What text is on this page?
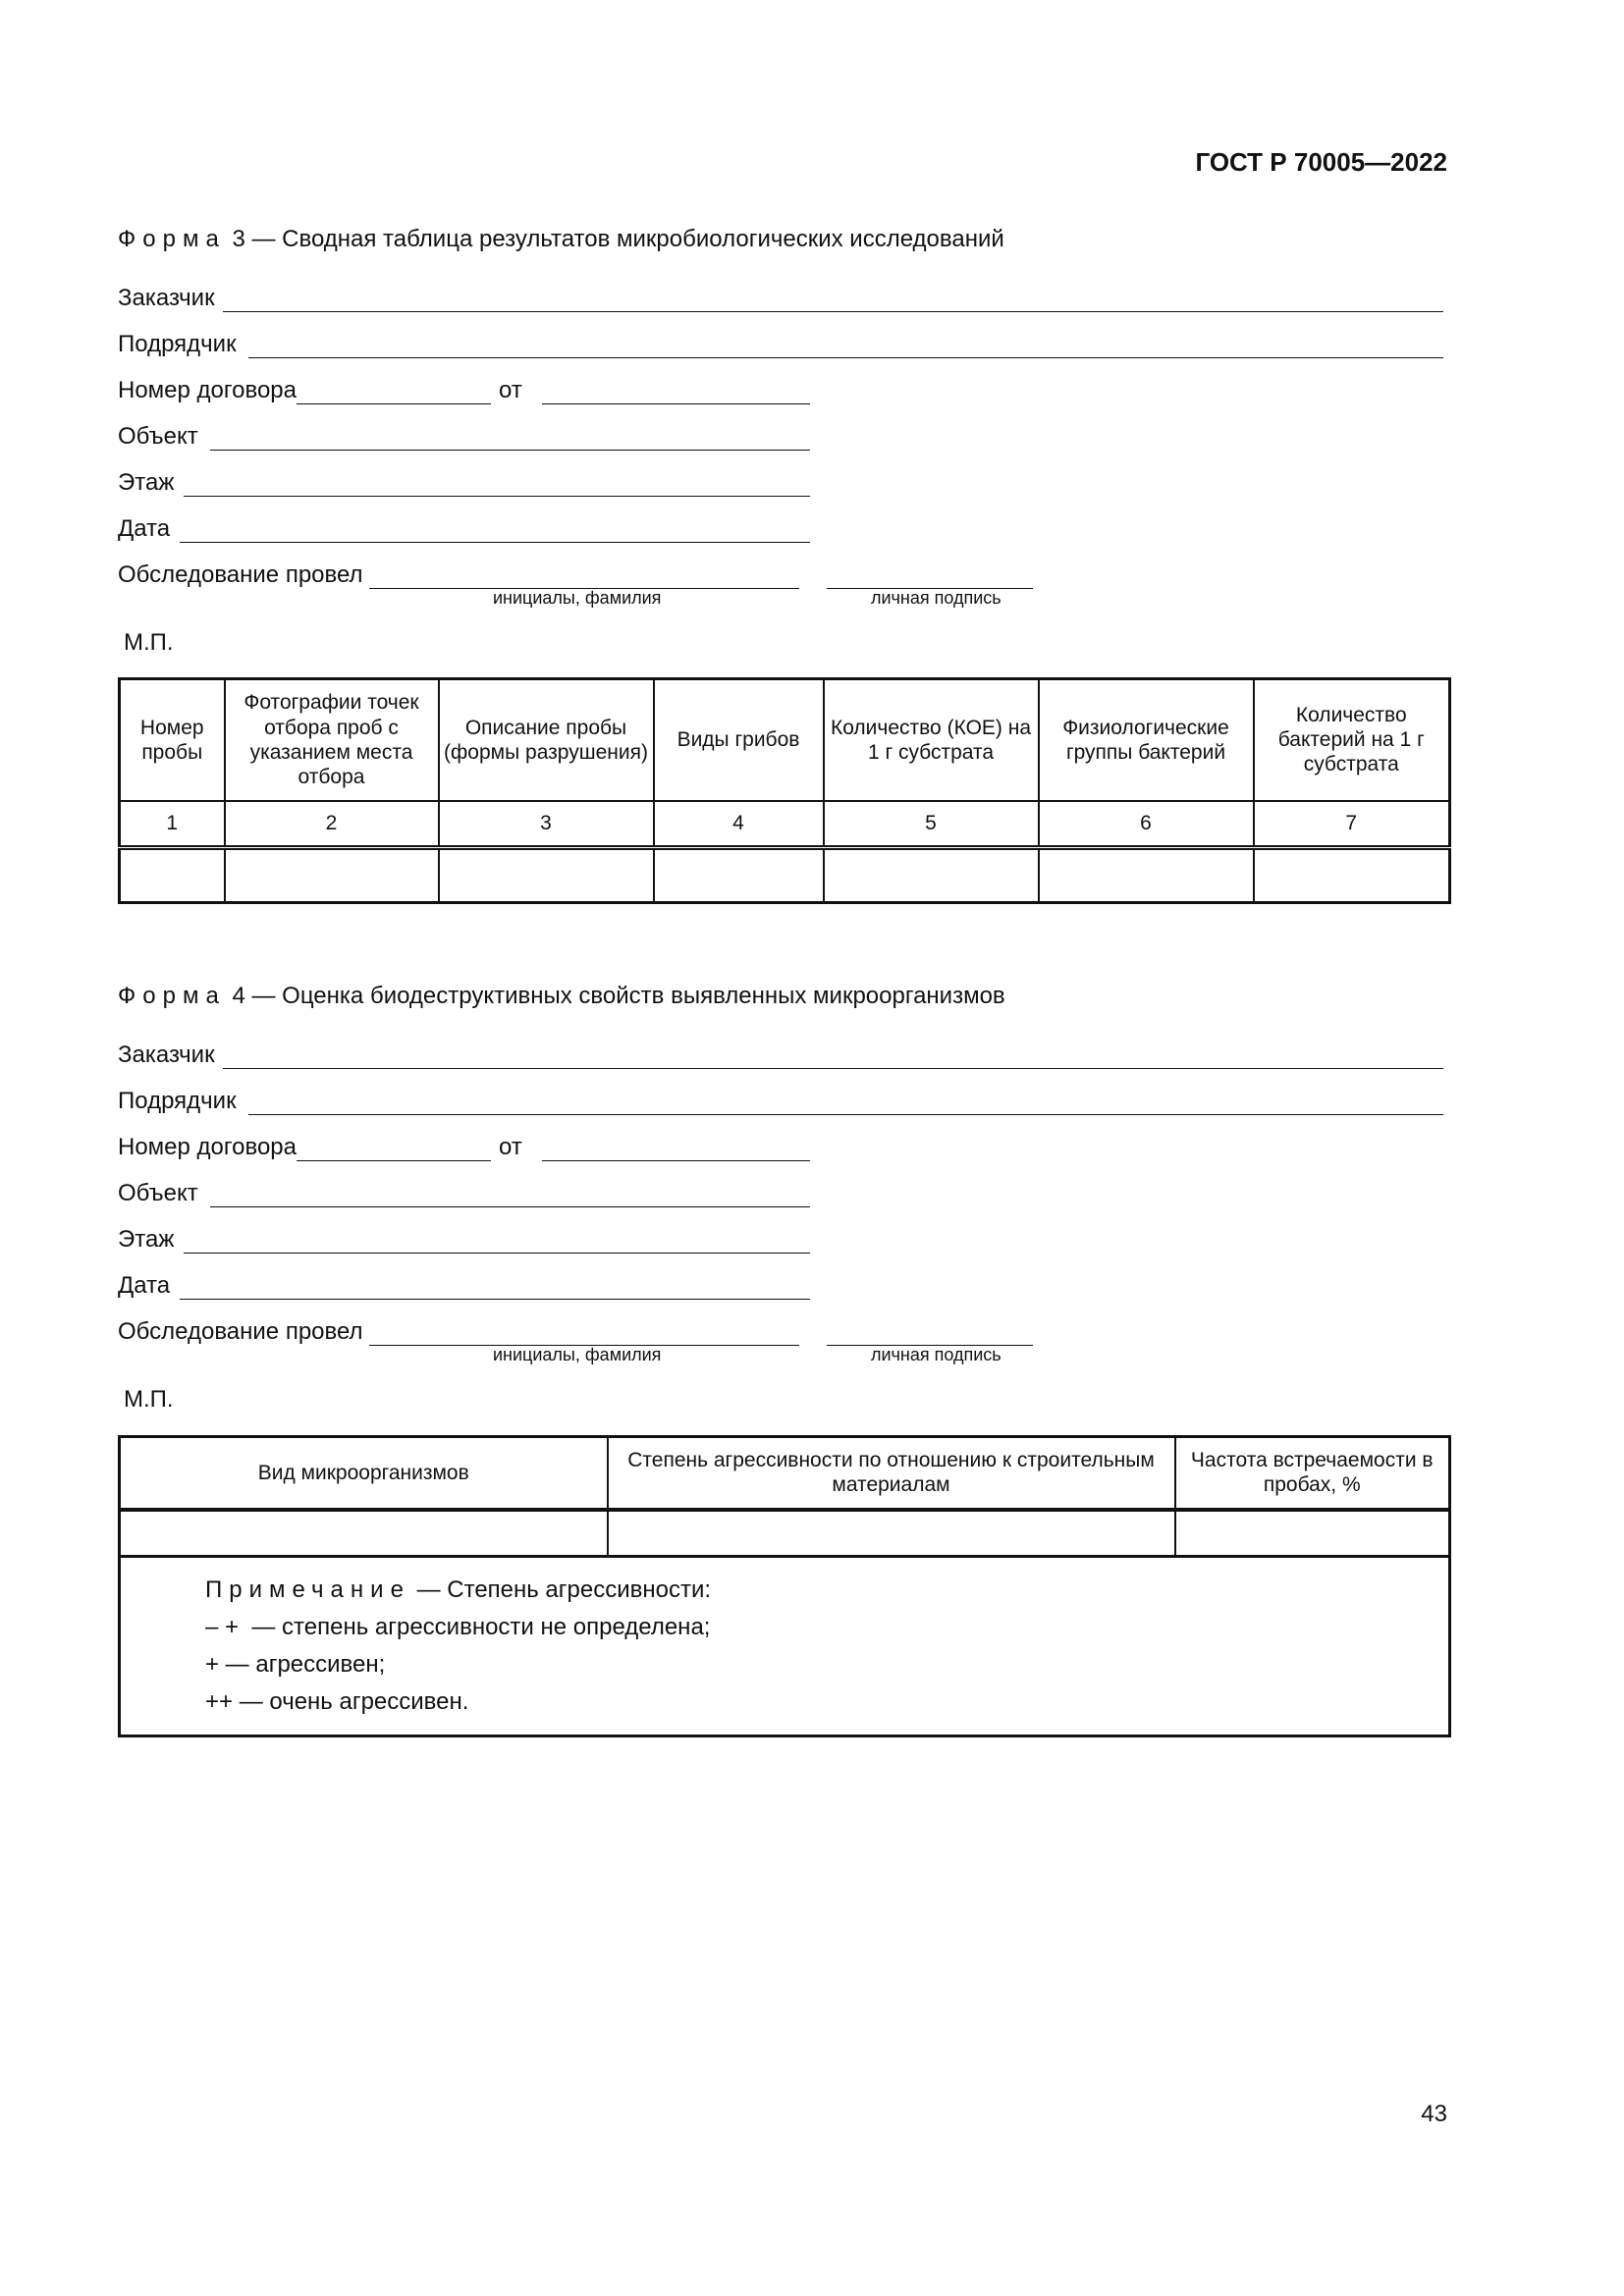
ГОСТ Р 70005—2022
Форма 3 — Сводная таблица результатов микробиологических исследований
Заказчик
Подрядчик
Номер договора	от
Объект
Этаж
Дата
Обследование провел
инициалы, фамилия	личная подпись
М.П.
Номер пробы	Фотографии точек отбора проб с указанием места отбора	Описание пробы (формы разрушения)	Виды грибов	Количество (КОЕ) на 1 г субстрата	Физиологические группы бактерий	Количество бактерий на 1 г субстрата
1	2	3	4	5	6	7

Форма 4 — Оценка биодеструктивных свойств выявленных микроорганизмов
Заказчик
Подрядчик
Номер договора	от
Объект
Этаж
Дата
Обследование провел
инициалы, фамилия	личная подпись
М.П.
Вид микроорганизмов	Степень агрессивности по отношению к строительным материалам	Частота встречаемости в пробах, %

Примечание — Степень агрессивности:
– +  — степень агрессивности не определена;
+ — агрессивен;
++ — очень агрессивен.		
43
